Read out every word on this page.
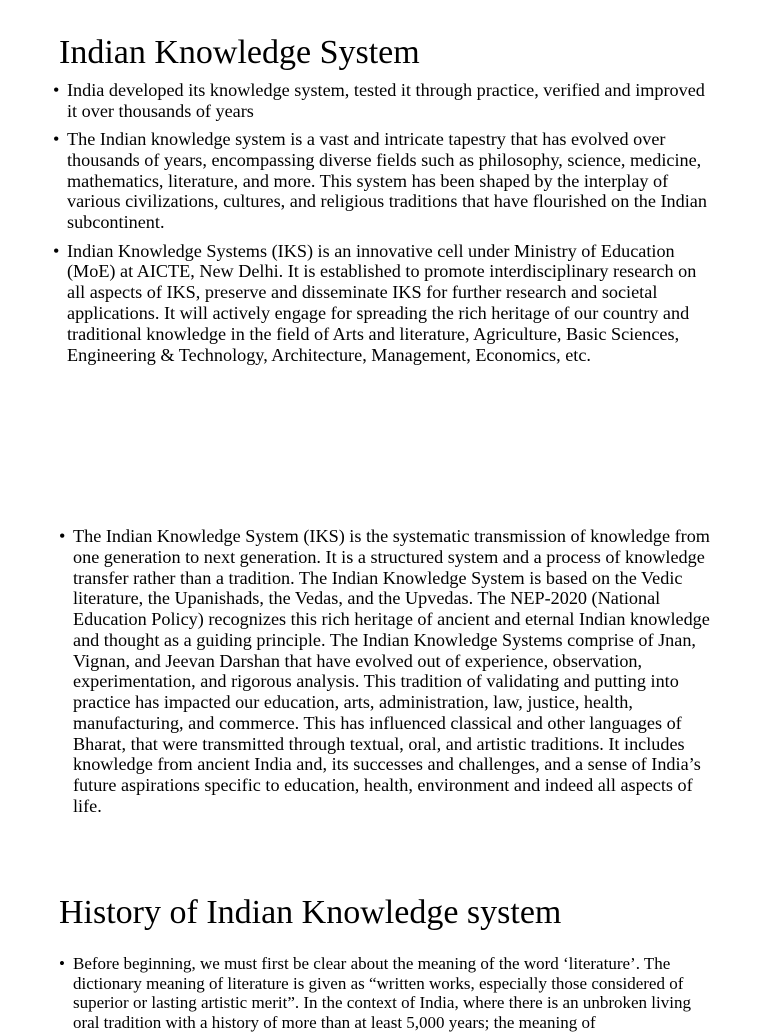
Indian Knowledge System
• India developed its knowledge system, tested it through practice, verified and improved it over thousands of years
• The Indian knowledge system is a vast and intricate tapestry that has evolved over thousands of years, encompassing diverse fields such as philosophy, science, medicine, mathematics, literature, and more. This system has been shaped by the interplay of various civilizations, cultures, and religious traditions that have flourished on the Indian subcontinent.
• Indian Knowledge Systems (IKS) is an innovative cell under Ministry of Education (MoE) at AICTE, New Delhi. It is established to promote interdisciplinary research on all aspects of IKS, preserve and disseminate IKS for further research and societal applications. It will actively engage for spreading the rich heritage of our country and traditional knowledge in the field of Arts and literature, Agriculture, Basic Sciences, Engineering & Technology, Architecture, Management, Economics, etc.
• The Indian Knowledge System (IKS) is the systematic transmission of knowledge from one generation to next generation. It is a structured system and a process of knowledge transfer rather than a tradition. The Indian Knowledge System is based on the Vedic literature, the Upanishads, the Vedas, and the Upvedas. The NEP-2020 (National Education Policy) recognizes this rich heritage of ancient and eternal Indian knowledge and thought as a guiding principle. The Indian Knowledge Systems comprise of Jnan, Vignan, and Jeevan Darshan that have evolved out of experience, observation, experimentation, and rigorous analysis. This tradition of validating and putting into practice has impacted our education, arts, administration, law, justice, health, manufacturing, and commerce. This has influenced classical and other languages of Bharat, that were transmitted through textual, oral, and artistic traditions. It includes knowledge from ancient India and, its successes and challenges, and a sense of India’s future aspirations specific to education, health, environment and indeed all aspects of life.
History of Indian Knowledge system
• Before beginning, we must first be clear about the meaning of the word ‘literature’. The dictionary meaning of literature is given as “written works, especially those considered of superior or lasting artistic merit”. In the context of India, where there is an unbroken living oral tradition with a history of more than at least 5,000 years; the meaning of
